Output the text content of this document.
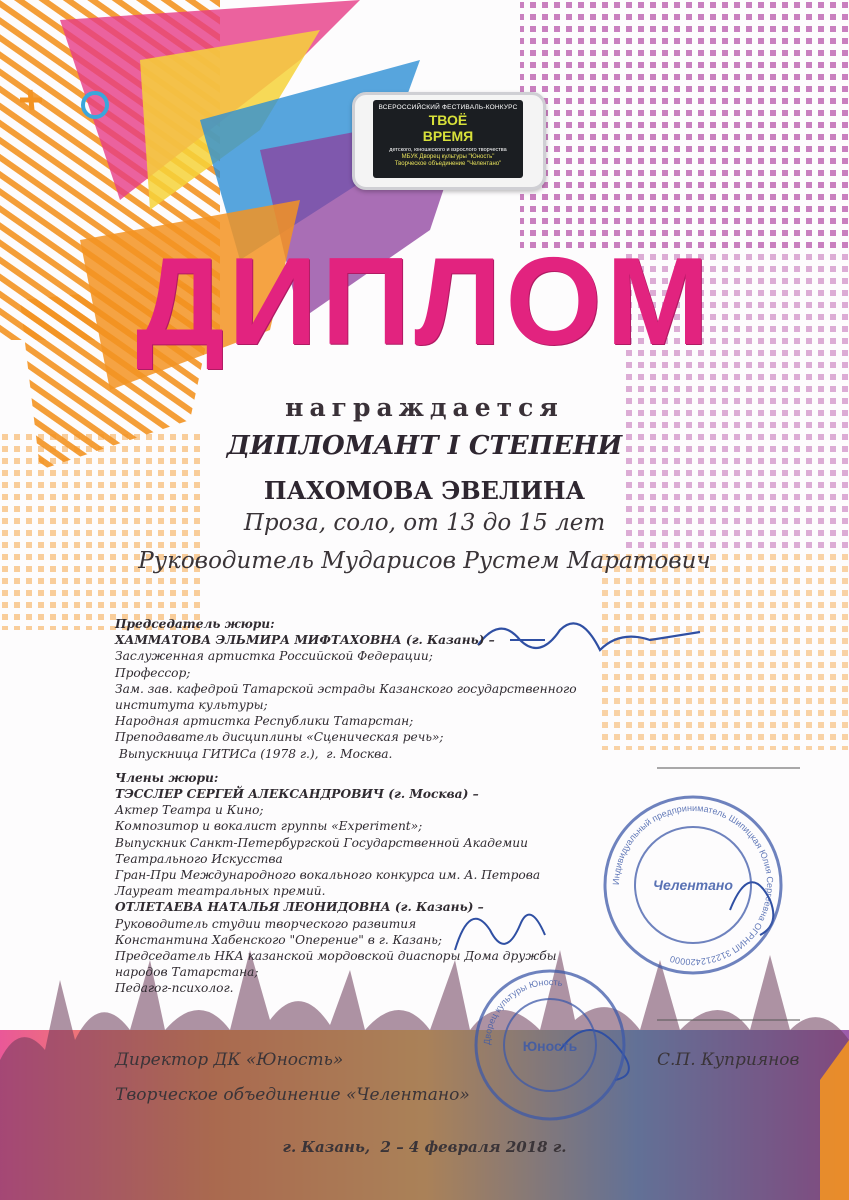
Индивидуальный предприниматель Шипицкая Юлия Сергеевна ОГРНИП 312212420000
Челентано
Дворец культуры Юность
Юность
ВСЕРОССИЙСКИЙ ФЕСТИВАЛЬ-КОНКУРС
ТВОЁ
ВРЕМЯ
детского, юношеского и взрослого творчества
МБУК Дворец культуры "Юность"
Творческое объединение "Челентано"
ДИПЛОМ
награждается
ДИПЛОМАНТ I СТЕПЕНИ
ПАХОМОВА ЭВЕЛИНА
Проза, соло, от 13 до 15 лет
Руководитель Мударисов Рустем Маратович
Председатель жюри:
ХАММАТОВА ЭЛЬМИРА МИФТАХОВНА (г. Казань) –
Заслуженная артистка Российской Федерации;
Профессор;
Зам. зав. кафедрой Татарской эстрады Казанского государственного
института культуры;
Народная артистка Республики Татарстан;
Преподаватель дисциплины «Сценическая речь»;
Выпускница ГИТИСа (1978 г.),  г. Москва.
Члены жюри:
ТЭССЛЕР СЕРГЕЙ АЛЕКСАНДРОВИЧ (г. Москва) –
Актер Театра и Кино;
Композитор и вокалист группы «Experiment»;
Выпускник Санкт-Петербургской Государственной Академии
Театрального Искусства
Гран-При Международного вокального конкурса им. А. Петрова
Лауреат театральных премий.
ОТЛЕТАЕВА НАТАЛЬЯ ЛЕОНИДОВНА (г. Казань) –
Руководитель студии творческого развития
Константина Хабенского "Оперение" в г. Казань;
Председатель НКА казанской мордовской диаспоры Дома дружбы
народов Татарстана;
Педагог-психолог.
Директор ДК «Юность»	С.П. Куприянов
Творческое объединение «Челентано»
г. Казань,  2 – 4 февраля 2018 г.
